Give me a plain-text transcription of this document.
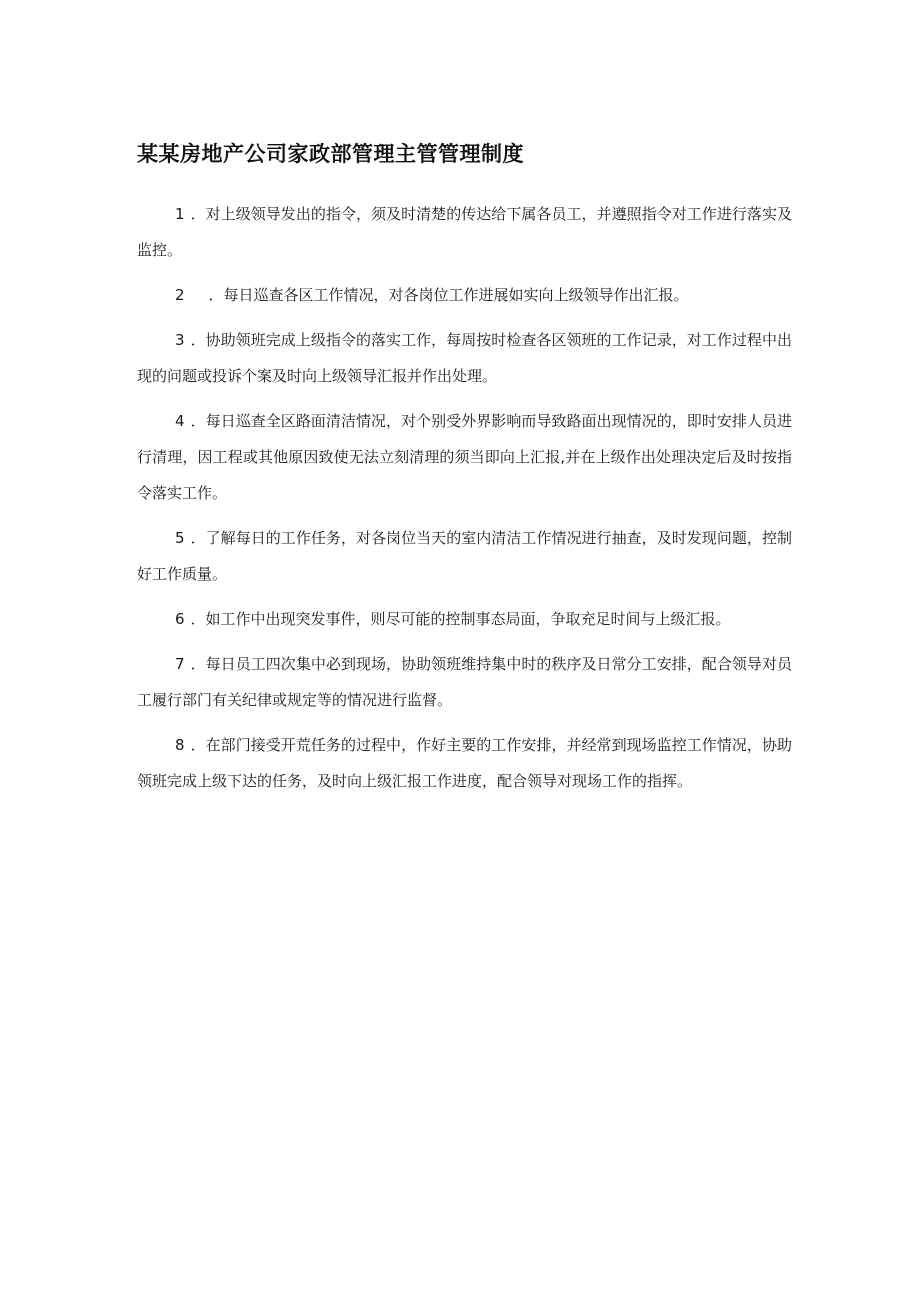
某某房地产公司家政部管理主管管理制度

1 ．对上级领导发出的指令，须及时清楚的传达给下属各员工，并遵照指令对工作进行落实及监控。

2 ．每日巡查各区工作情况，对各岗位工作进展如实向上级领导作出汇报。

3 ．协助领班完成上级指令的落实工作，每周按时检查各区领班的工作记录，对工作过程中出现的问题或投诉个案及时向上级领导汇报并作出处理。

4 ．每日巡查全区路面清洁情况，对个别受外界影响而导致路面出现情况的，即时安排人员进行清理，因工程或其他原因致使无法立刻清理的须当即向上汇报,并在上级作出处理决定后及时按指令落实工作。

5 ．了解每日的工作任务，对各岗位当天的室内清洁工作情况进行抽查，及时发现问题，控制好工作质量。

6 ．如工作中出现突发事件，则尽可能的控制事态局面，争取充足时间与上级汇报。

7 ．每日员工四次集中必到现场，协助领班维持集中时的秩序及日常分工安排，配合领导对员工履行部门有关纪律或规定等的情况进行监督。

8 ．在部门接受开荒任务的过程中，作好主要的工作安排，并经常到现场监控工作情况，协助领班完成上级下达的任务，及时向上级汇报工作进度，配合领导对现场工作的指挥。
